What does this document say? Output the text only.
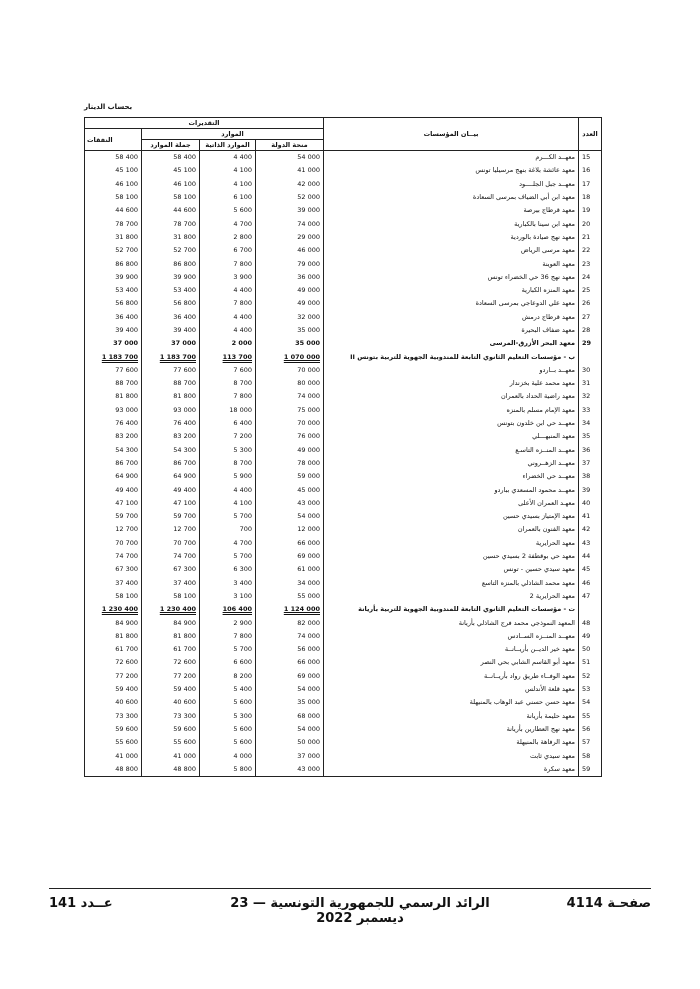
بحساب الدينار
التقديرات				بيــان المؤسسات	العدد
النفقات	الموارد				
	جملة الموارد	الموارد الذاتية	منحة الدولة		
58 400	58 400	4 400	54 000	معهــد الكـــرم	15
45 100	45 100	4 100	41 000	معهد عائشة بلاغة بنهج مرسيليا تونس	16
46 100	46 100	4 100	42 000	معهــد جبل الجلــــود	17
58 100	58 100	6 100	52 000	معهد ابن أبي الضياف بمرسى السعادة	18
44 600	44 600	5 600	39 000	معهد قرطاج بيرصة	19
78 700	78 700	4 700	74 000	معهد ابن سينا بالكبارية	20
31 800	31 800	2 800	29 000	معهد نهج صيادة بالوردية	21
52 700	52 700	6 700	46 000	معهد مرسى الرياض	22
86 800	86 800	7 800	79 000	معهد العوينة	23
39 900	39 900	3 900	36 000	معهد نهج 36 حي الخضراء تونس	24
53 400	53 400	4 400	49 000	معهد المنزه الكبارية	25
56 800	56 800	7 800	49 000	معهد علي الدوعاجي بمرسى السعادة	26
36 400	36 400	4 400	32 000	معهد قرطاج درمش	27
39 400	39 400	4 400	35 000	معهد ضفاف البحيرة	28
37 000	37 000	2 000	35 000	معهد البحر الأزرق-المرسى	29
1 183 700	1 183 700	113 700	1 070 000	ب - مؤسسات التعليم الثانوي التابعة للمندوبية الجهوية للتربية بتونس II	
77 600	77 600	7 600	70 000	معهــد بــاردو	30
88 700	88 700	8 700	80 000	معهد محمد علية بخزندار	31
81 800	81 800	7 800	74 000	معهد راضية الحداد بالعمران	32
93 000	93 000	18 000	75 000	معهد الإمام مسلم بالمنزه	33
76 400	76 400	6 400	70 000	معهــد حي ابن خلدون بتونس	34
83 200	83 200	7 200	76 000	معهد المنيهـــلي	35
54 300	54 300	5 300	49 000	معهــد المنــزه التاسـع	36
86 700	86 700	8 700	78 000	معهــد الزهــروني	37
64 900	64 900	5 900	59 000	معهــد حي الخضراء	38
49 400	49 400	4 400	45 000	معهــد محمود المسعدي بباردو	39
47 100	47 100	4 100	43 000	معهـد العمران الأعلى	40
59 700	59 700	5 700	54 000	معهد الإمتياز بسيدي حسين	41
12 700	12 700	700	12 000	معهد الفنون بالعمران	42
70 700	70 700	4 700	66 000	معهد الحرايرية	43
74 700	74 700	5 700	69 000	معهد حي بوقطفة 2 بسيدي حسين	44
67 300	67 300	6 300	61 000	معهد سيدي حسين - تونس	45
37 400	37 400	3 400	34 000	معهد محمد الشاذلي بالمنزه التاسع	46
58 100	58 100	3 100	55 000	معهد الحرايرية 2	47
1 230 400	1 230 400	106 400	1 124 000	ت - مؤسسات التعليم الثانوي التابعة للمندوبية الجهوية للتربية بأريانة	
84 900	84 900	2 900	82 000	المعهد النموذجي محمد فرج الشاذلي بأريانة	48
81 800	81 800	7 800	74 000	معهــد المنــزه الســادس	49
61 700	61 700	5 700	56 000	معهد خير الديــن بأريــانــة	50
72 600	72 600	6 600	66 000	معهد أبو القاسم الشابي بحي النصر	51
77 200	77 200	8 200	69 000	معهد الوفــاء طريق رواد بأريــانــة	52
59 400	59 400	5 400	54 000	معهد قلعة الأندلس	53
40 600	40 600	5 600	35 000	معهد حسن حسني عبد الوهاب بالمنيهلة	54
73 300	73 300	5 300	68 000	معهد حليمة بأريانة	55
59 600	59 600	5 600	54 000	معهد نهج العطارين بأريانة	56
55 600	55 600	5 600	50 000	معهد الرفاهة بالمنيهلة	57
41 000	41 000	4 000	37 000	معهد سيدي ثابت	58
48 800	48 800	5 800	43 000	معهد سكرة	59
صفحـة 4114
الرائد الرسمي للجمهورية التونسية — 23 ديسمبر 2022
عــدد 141
